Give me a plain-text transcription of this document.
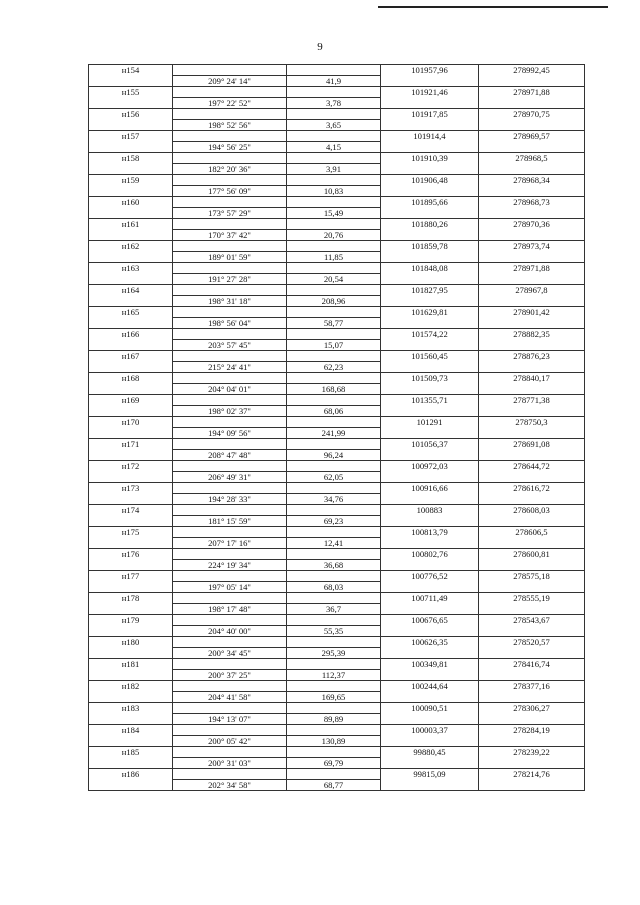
9
н154			101957,96	278992,45
	209° 24' 14"	41,9		
н155			101921,46	278971,88
	197° 22' 52"	3,78		
н156			101917,85	278970,75
	198° 52' 56"	3,65		
н157			101914,4	278969,57
	194° 56' 25"	4,15		
н158			101910,39	278968,5
	182° 20' 36"	3,91		
н159			101906,48	278968,34
	177° 56' 09"	10,83		
н160			101895,66	278968,73
	173° 57' 29"	15,49		
н161			101880,26	278970,36
	170° 37' 42"	20,76		
н162			101859,78	278973,74
	189° 01' 59"	11,85		
н163			101848,08	278971,88
	191° 27' 28"	20,54		
н164			101827,95	278967,8
	198° 31' 18"	208,96		
н165			101629,81	278901,42
	198° 56' 04"	58,77		
н166			101574,22	278882,35
	203° 57' 45"	15,07		
н167			101560,45	278876,23
	215° 24' 41"	62,23		
н168			101509,73	278840,17
	204° 04' 01"	168,68		
н169			101355,71	278771,38
	198° 02' 37"	68,06		
н170			101291	278750,3
	194° 09' 56"	241,99		
н171			101056,37	278691,08
	208° 47' 48"	96,24		
н172			100972,03	278644,72
	206° 49' 31"	62,05		
н173			100916,66	278616,72
	194° 28' 33"	34,76		
н174			100883	278608,03
	181° 15' 59"	69,23		
н175			100813,79	278606,5
	207° 17' 16"	12,41		
н176			100802,76	278600,81
	224° 19' 34"	36,68		
н177			100776,52	278575,18
	197° 05' 14"	68,03		
н178			100711,49	278555,19
	198° 17' 48"	36,7		
н179			100676,65	278543,67
	204° 40' 00"	55,35		
н180			100626,35	278520,57
	200° 34' 45"	295,39		
н181			100349,81	278416,74
	200° 37' 25"	112,37		
н182			100244,64	278377,16
	204° 41' 58"	169,65		
н183			100090,51	278306,27
	194° 13' 07"	89,89		
н184			100003,37	278284,19
	200° 05' 42"	130,89		
н185			99880,45	278239,22
	200° 31' 03"	69,79		
н186			99815,09	278214,76
	202° 34' 58"	68,77		
